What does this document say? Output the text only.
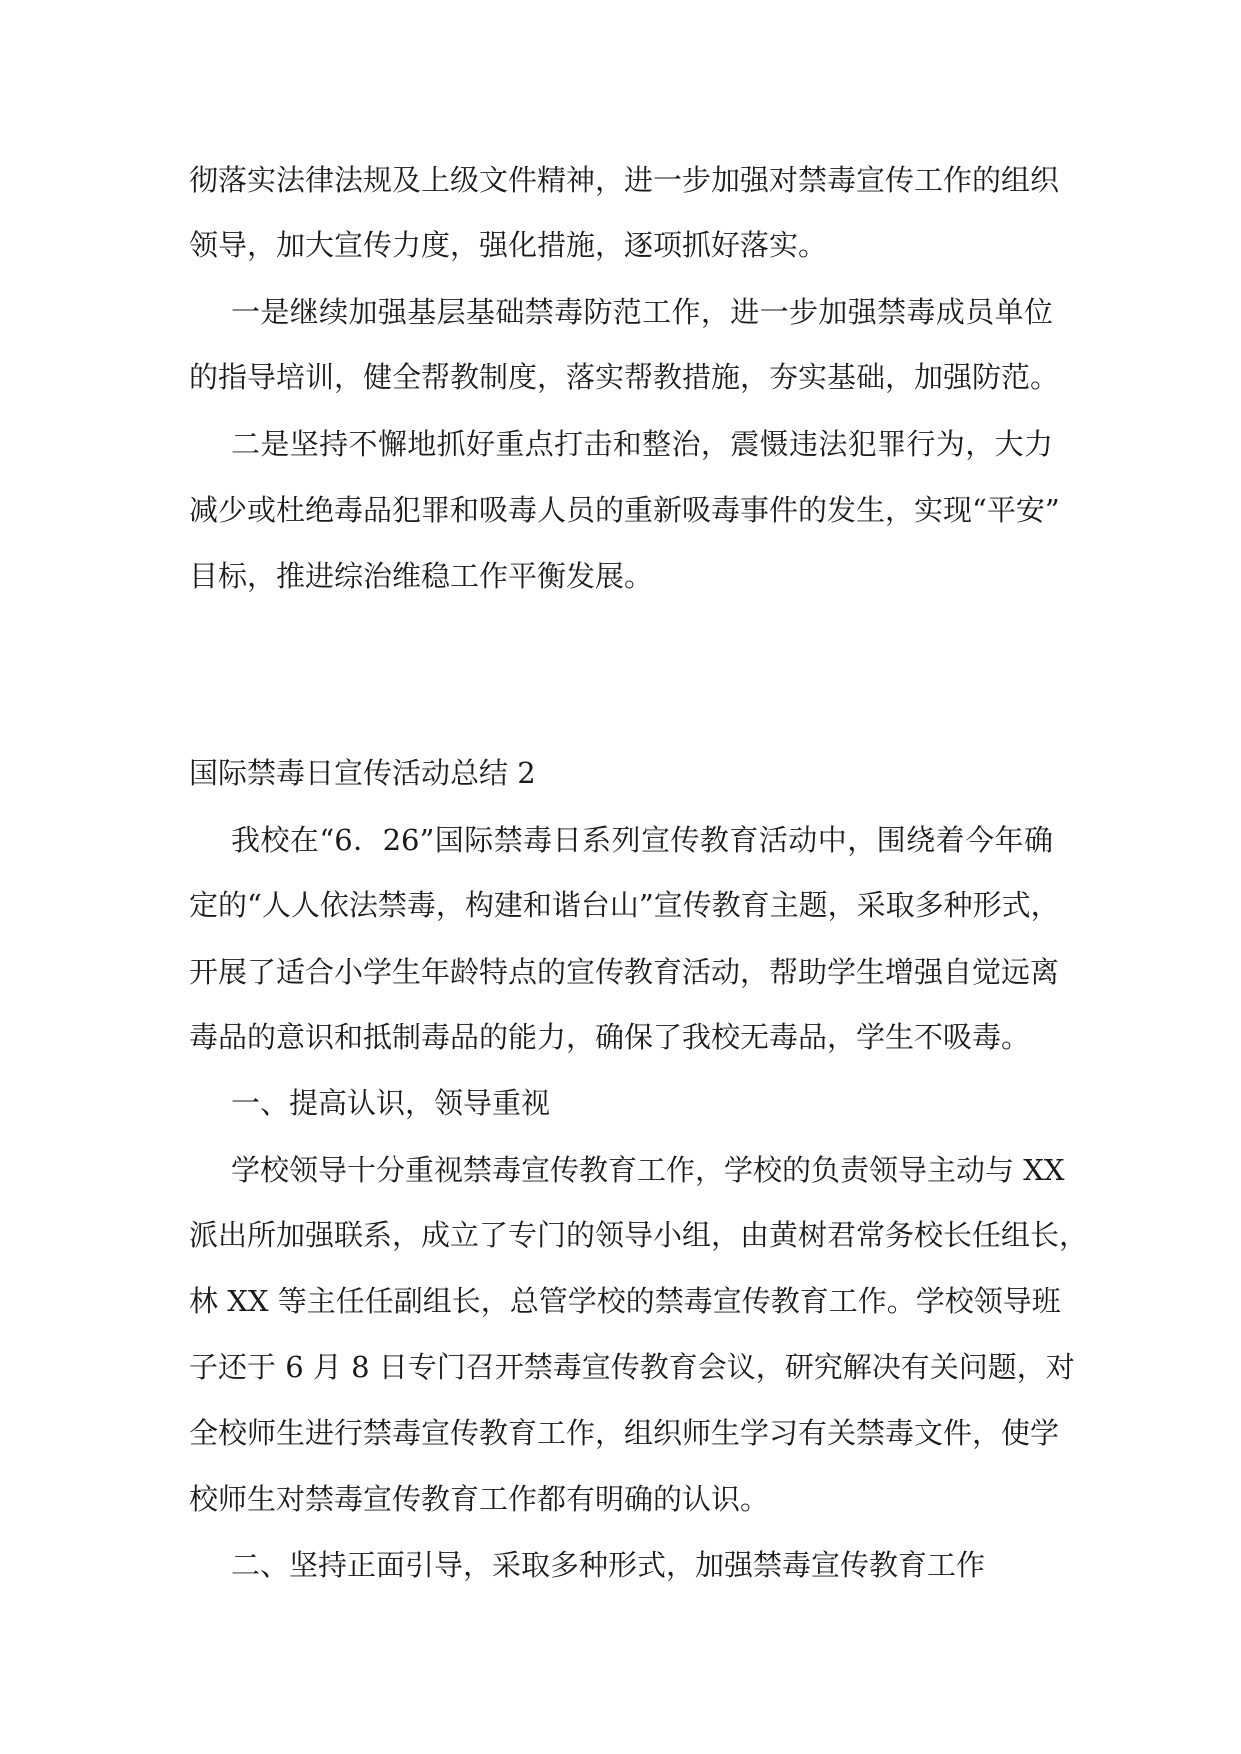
彻落实法律法规及上级文件精神，进一步加强对禁毒宣传工作的组织

领导，加大宣传力度，强化措施，逐项抓好落实。

一是继续加强基层基础禁毒防范工作，进一步加强禁毒成员单位

的指导培训，健全帮教制度，落实帮教措施，夯实基础，加强防范。

二是坚持不懈地抓好重点打击和整治，震慑违法犯罪行为，大力

减少或杜绝毒品犯罪和吸毒人员的重新吸毒事件的发生，实现“平安”

目标，推进综治维稳工作平衡发展。

国际禁毒日宣传活动总结 2

我校在“6．26”国际禁毒日系列宣传教育活动中，围绕着今年确

定的“人人依法禁毒，构建和谐台山”宣传教育主题，采取多种形式，

开展了适合小学生年龄特点的宣传教育活动，帮助学生增强自觉远离

毒品的意识和抵制毒品的能力，确保了我校无毒品，学生不吸毒。

一、提高认识，领导重视

学校领导十分重视禁毒宣传教育工作，学校的负责领导主动与 XX

派出所加强联系，成立了专门的领导小组，由黄树君常务校长任组长，

林 XX 等主任任副组长，总管学校的禁毒宣传教育工作。学校领导班

子还于 6 月 8 日专门召开禁毒宣传教育会议，研究解决有关问题，对

全校师生进行禁毒宣传教育工作，组织师生学习有关禁毒文件，使学

校师生对禁毒宣传教育工作都有明确的认识。

二、坚持正面引导，采取多种形式，加强禁毒宣传教育工作
